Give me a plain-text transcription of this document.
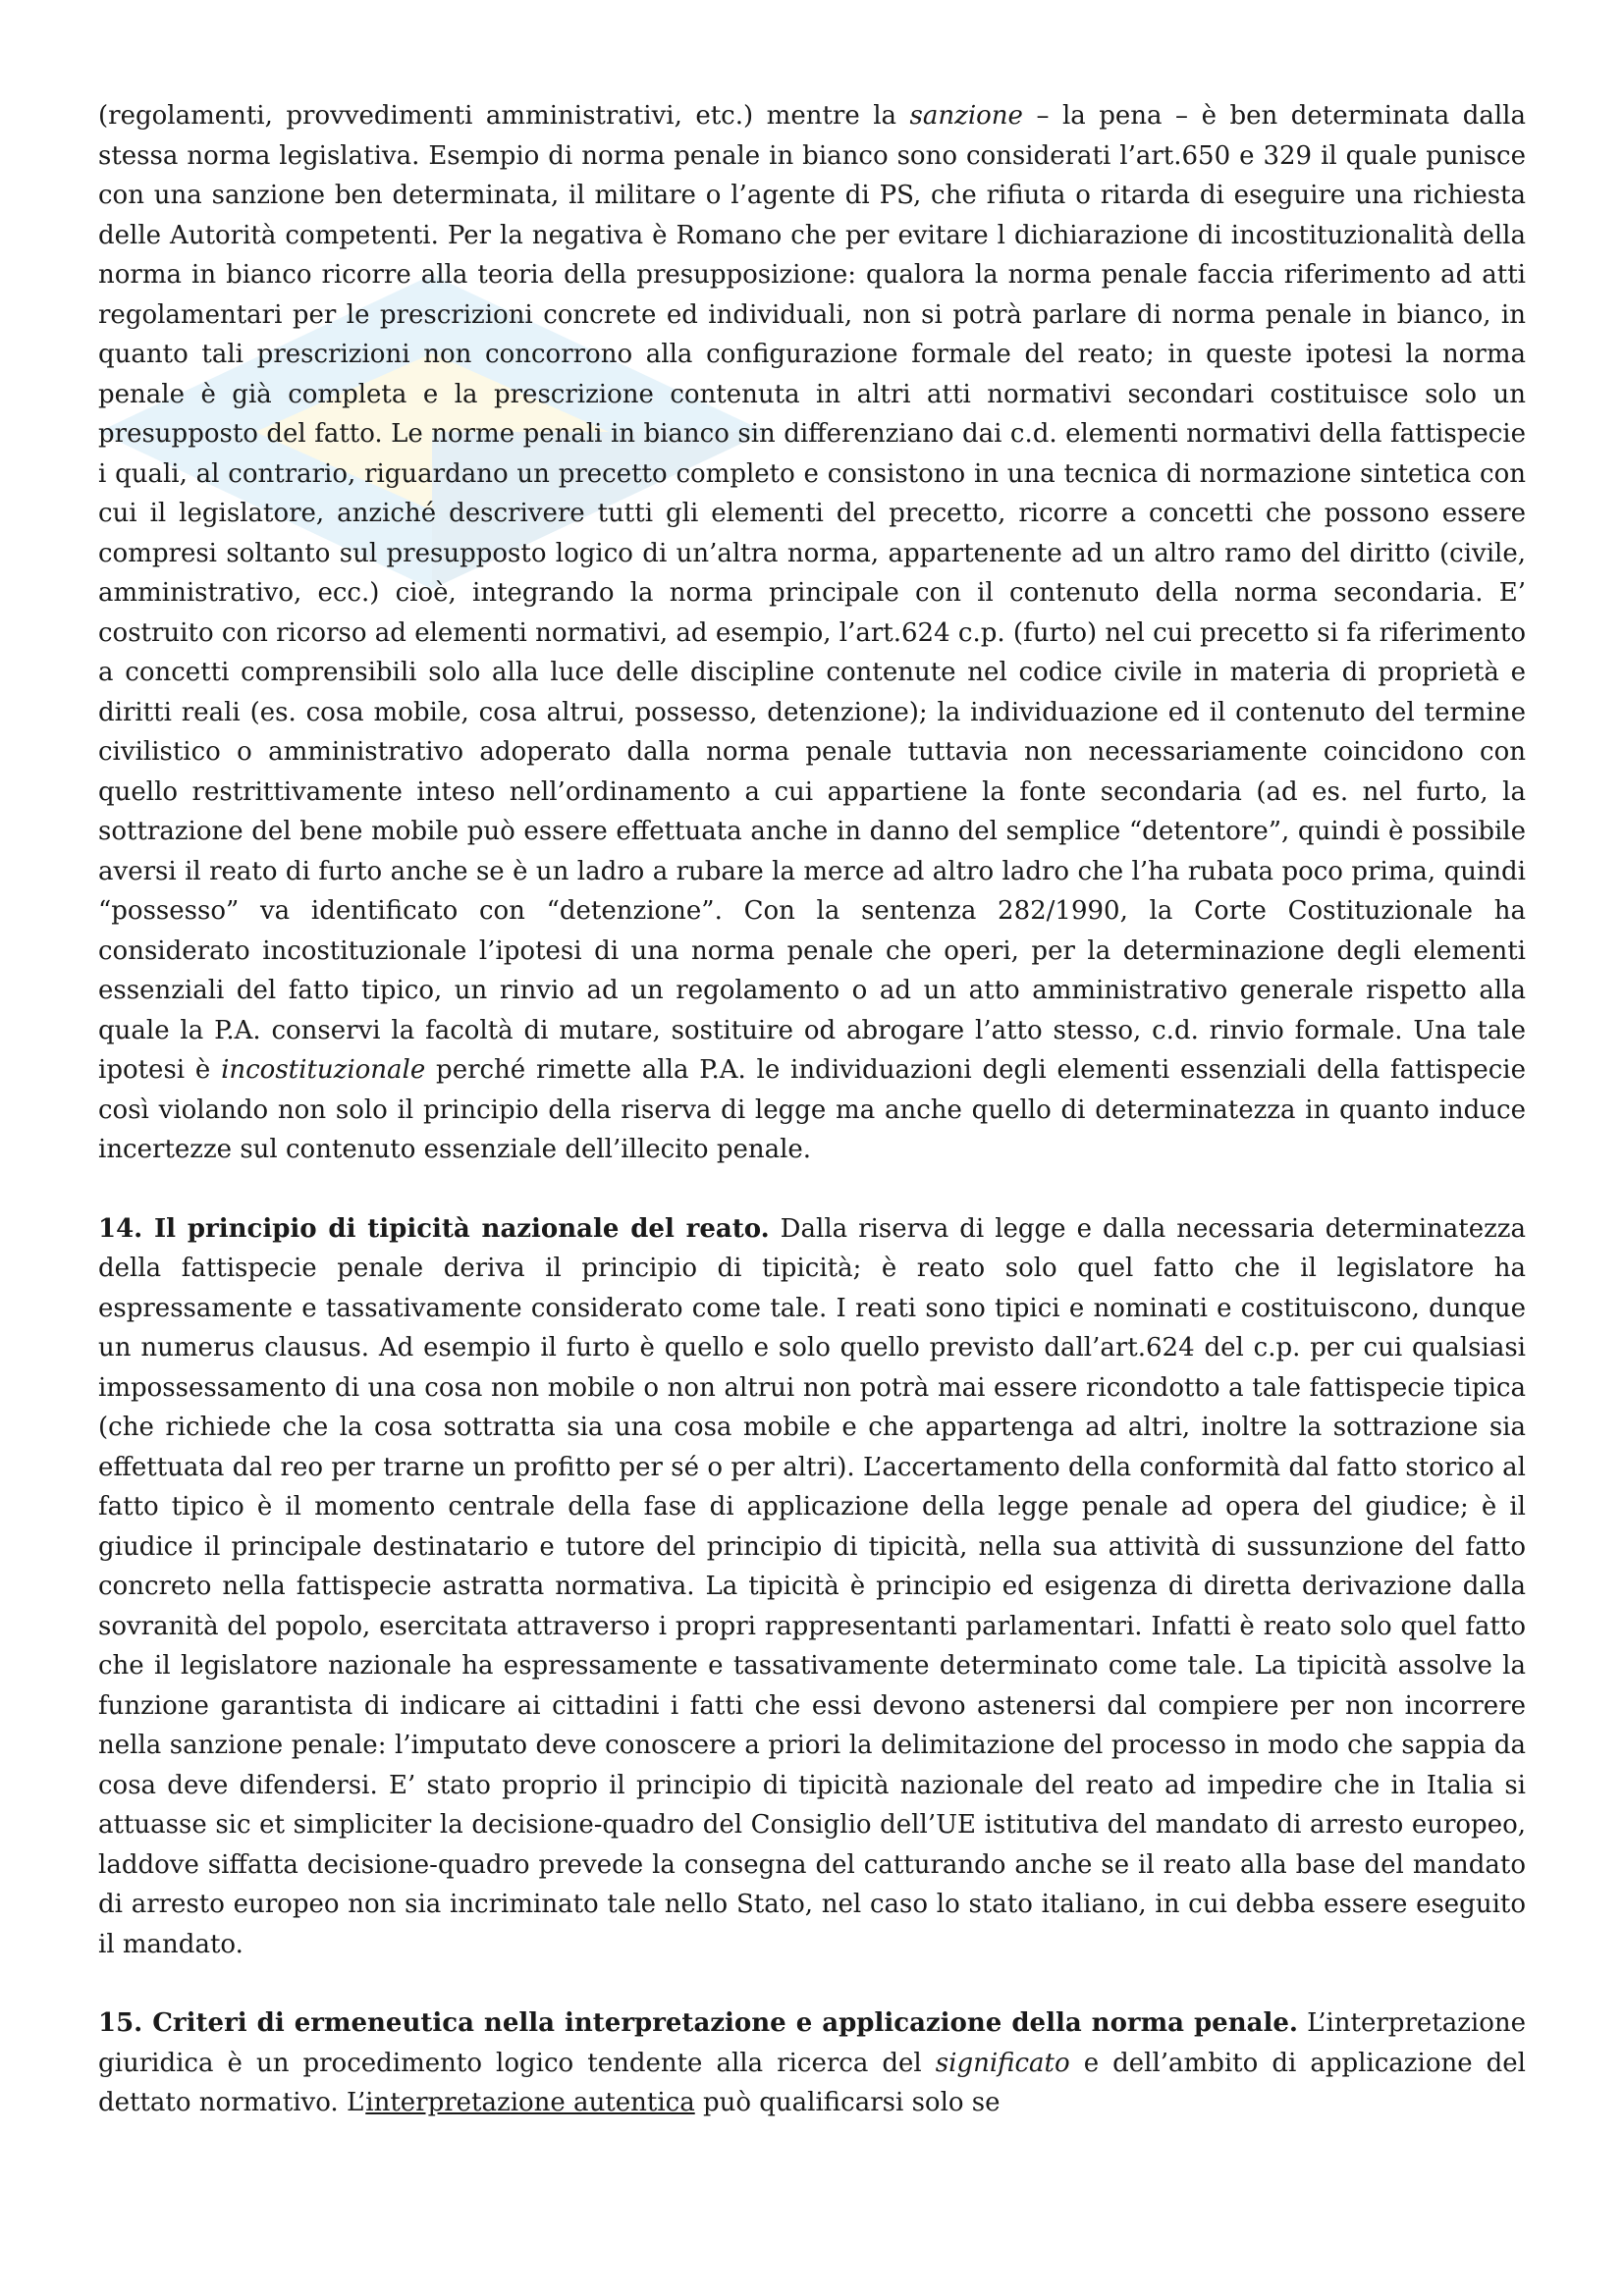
(regolamenti, provvedimenti amministrativi, etc.) mentre la sanzione – la pena – è ben determinata dalla stessa norma legislativa. Esempio di norma penale in bianco sono considerati l’art.650 e 329 il quale punisce con una sanzione ben determinata, il militare o l’agente di PS, che rifiuta o ritarda di eseguire una richiesta delle Autorità competenti. Per la negativa è Romano che per evitare l dichiarazione di incostituzionalità della norma in bianco ricorre alla teoria della presupposizione: qualora la norma penale faccia riferimento ad atti regolamentari per le prescrizioni concrete ed individuali, non si potrà parlare di norma penale in bianco, in quanto tali prescrizioni non concorrono alla configurazione formale del reato; in queste ipotesi la norma penale è già completa e la prescrizione contenuta in altri atti normativi secondari costituisce solo un presupposto del fatto. Le norme penali in bianco sin differenziano dai c.d. elementi normativi della fattispecie i quali, al contrario, riguardano un precetto completo e consistono in una tecnica di normazione sintetica con cui il legislatore, anziché descrivere tutti gli elementi del precetto, ricorre a concetti che possono essere compresi soltanto sul presupposto logico di un’altra norma, appartenente ad un altro ramo del diritto (civile, amministrativo, ecc.) cioè, integrando la norma principale con il contenuto della norma secondaria. E’ costruito con ricorso ad elementi normativi, ad esempio, l’art.624 c.p. (furto) nel cui precetto si fa riferimento a concetti comprensibili solo alla luce delle discipline contenute nel codice civile in materia di proprietà e diritti reali (es. cosa mobile, cosa altrui, possesso, detenzione); la individuazione ed il contenuto del termine civilistico o amministrativo adoperato dalla norma penale tuttavia non necessariamente coincidono con quello restrittivamente inteso nell’ordinamento a cui appartiene la fonte secondaria (ad es. nel furto, la sottrazione del bene mobile può essere effettuata anche in danno del semplice “detentore”, quindi è possibile aversi il reato di furto anche se è un ladro a rubare la merce ad altro ladro che l’ha rubata poco prima, quindi “possesso” va identificato con “detenzione”. Con la sentenza 282/1990, la Corte Costituzionale ha considerato incostituzionale l’ipotesi di una norma penale che operi, per la determinazione degli elementi essenziali del fatto tipico, un rinvio ad un regolamento o ad un atto amministrativo generale rispetto alla quale la P.A. conservi la facoltà di mutare, sostituire od abrogare l’atto stesso, c.d. rinvio formale. Una tale ipotesi è incostituzionale perché rimette alla P.A. le individuazioni degli elementi essenziali della fattispecie così violando non solo il principio della riserva di legge ma anche quello di determinatezza in quanto induce incertezze sul contenuto essenziale dell’illecito penale.

14. Il principio di tipicità nazionale del reato. Dalla riserva di legge e dalla necessaria determinatezza della fattispecie penale deriva il principio di tipicità; è reato solo quel fatto che il legislatore ha espressamente e tassativamente considerato come tale. I reati sono tipici e nominati e costituiscono, dunque un numerus clausus. Ad esempio il furto è quello e solo quello previsto dall’art.624 del c.p. per cui qualsiasi impossessamento di una cosa non mobile o non altrui non potrà mai essere ricondotto a tale fattispecie tipica (che richiede che la cosa sottratta sia una cosa mobile e che appartenga ad altri, inoltre la sottrazione sia effettuata dal reo per trarne un profitto per sé o per altri). L’accertamento della conformità dal fatto storico al fatto tipico è il momento centrale della fase di applicazione della legge penale ad opera del giudice; è il giudice il principale destinatario e tutore del principio di tipicità, nella sua attività di sussunzione del fatto concreto nella fattispecie astratta normativa. La tipicità è principio ed esigenza di diretta derivazione dalla sovranità del popolo, esercitata attraverso i propri rappresentanti parlamentari. Infatti è reato solo quel fatto che il legislatore nazionale ha espressamente e tassativamente determinato come tale. La tipicità assolve la funzione garantista di indicare ai cittadini i fatti che essi devono astenersi dal compiere per non incorrere nella sanzione penale: l’imputato deve conoscere a priori la delimitazione del processo in modo che sappia da cosa deve difendersi. E’ stato proprio il principio di tipicità nazionale del reato ad impedire che in Italia si attuasse sic et simpliciter la decisione-quadro del Consiglio dell’UE istitutiva del mandato di arresto europeo, laddove siffatta decisione-quadro prevede la consegna del catturando anche se il reato alla base del mandato di arresto europeo non sia incriminato tale nello Stato, nel caso lo stato italiano, in cui debba essere eseguito il mandato.

15. Criteri di ermeneutica nella interpretazione e applicazione della norma penale. L’interpretazione giuridica è un procedimento logico tendente alla ricerca del significato e dell’ambito di applicazione del dettato normativo. L’interpretazione autentica può qualificarsi solo se
